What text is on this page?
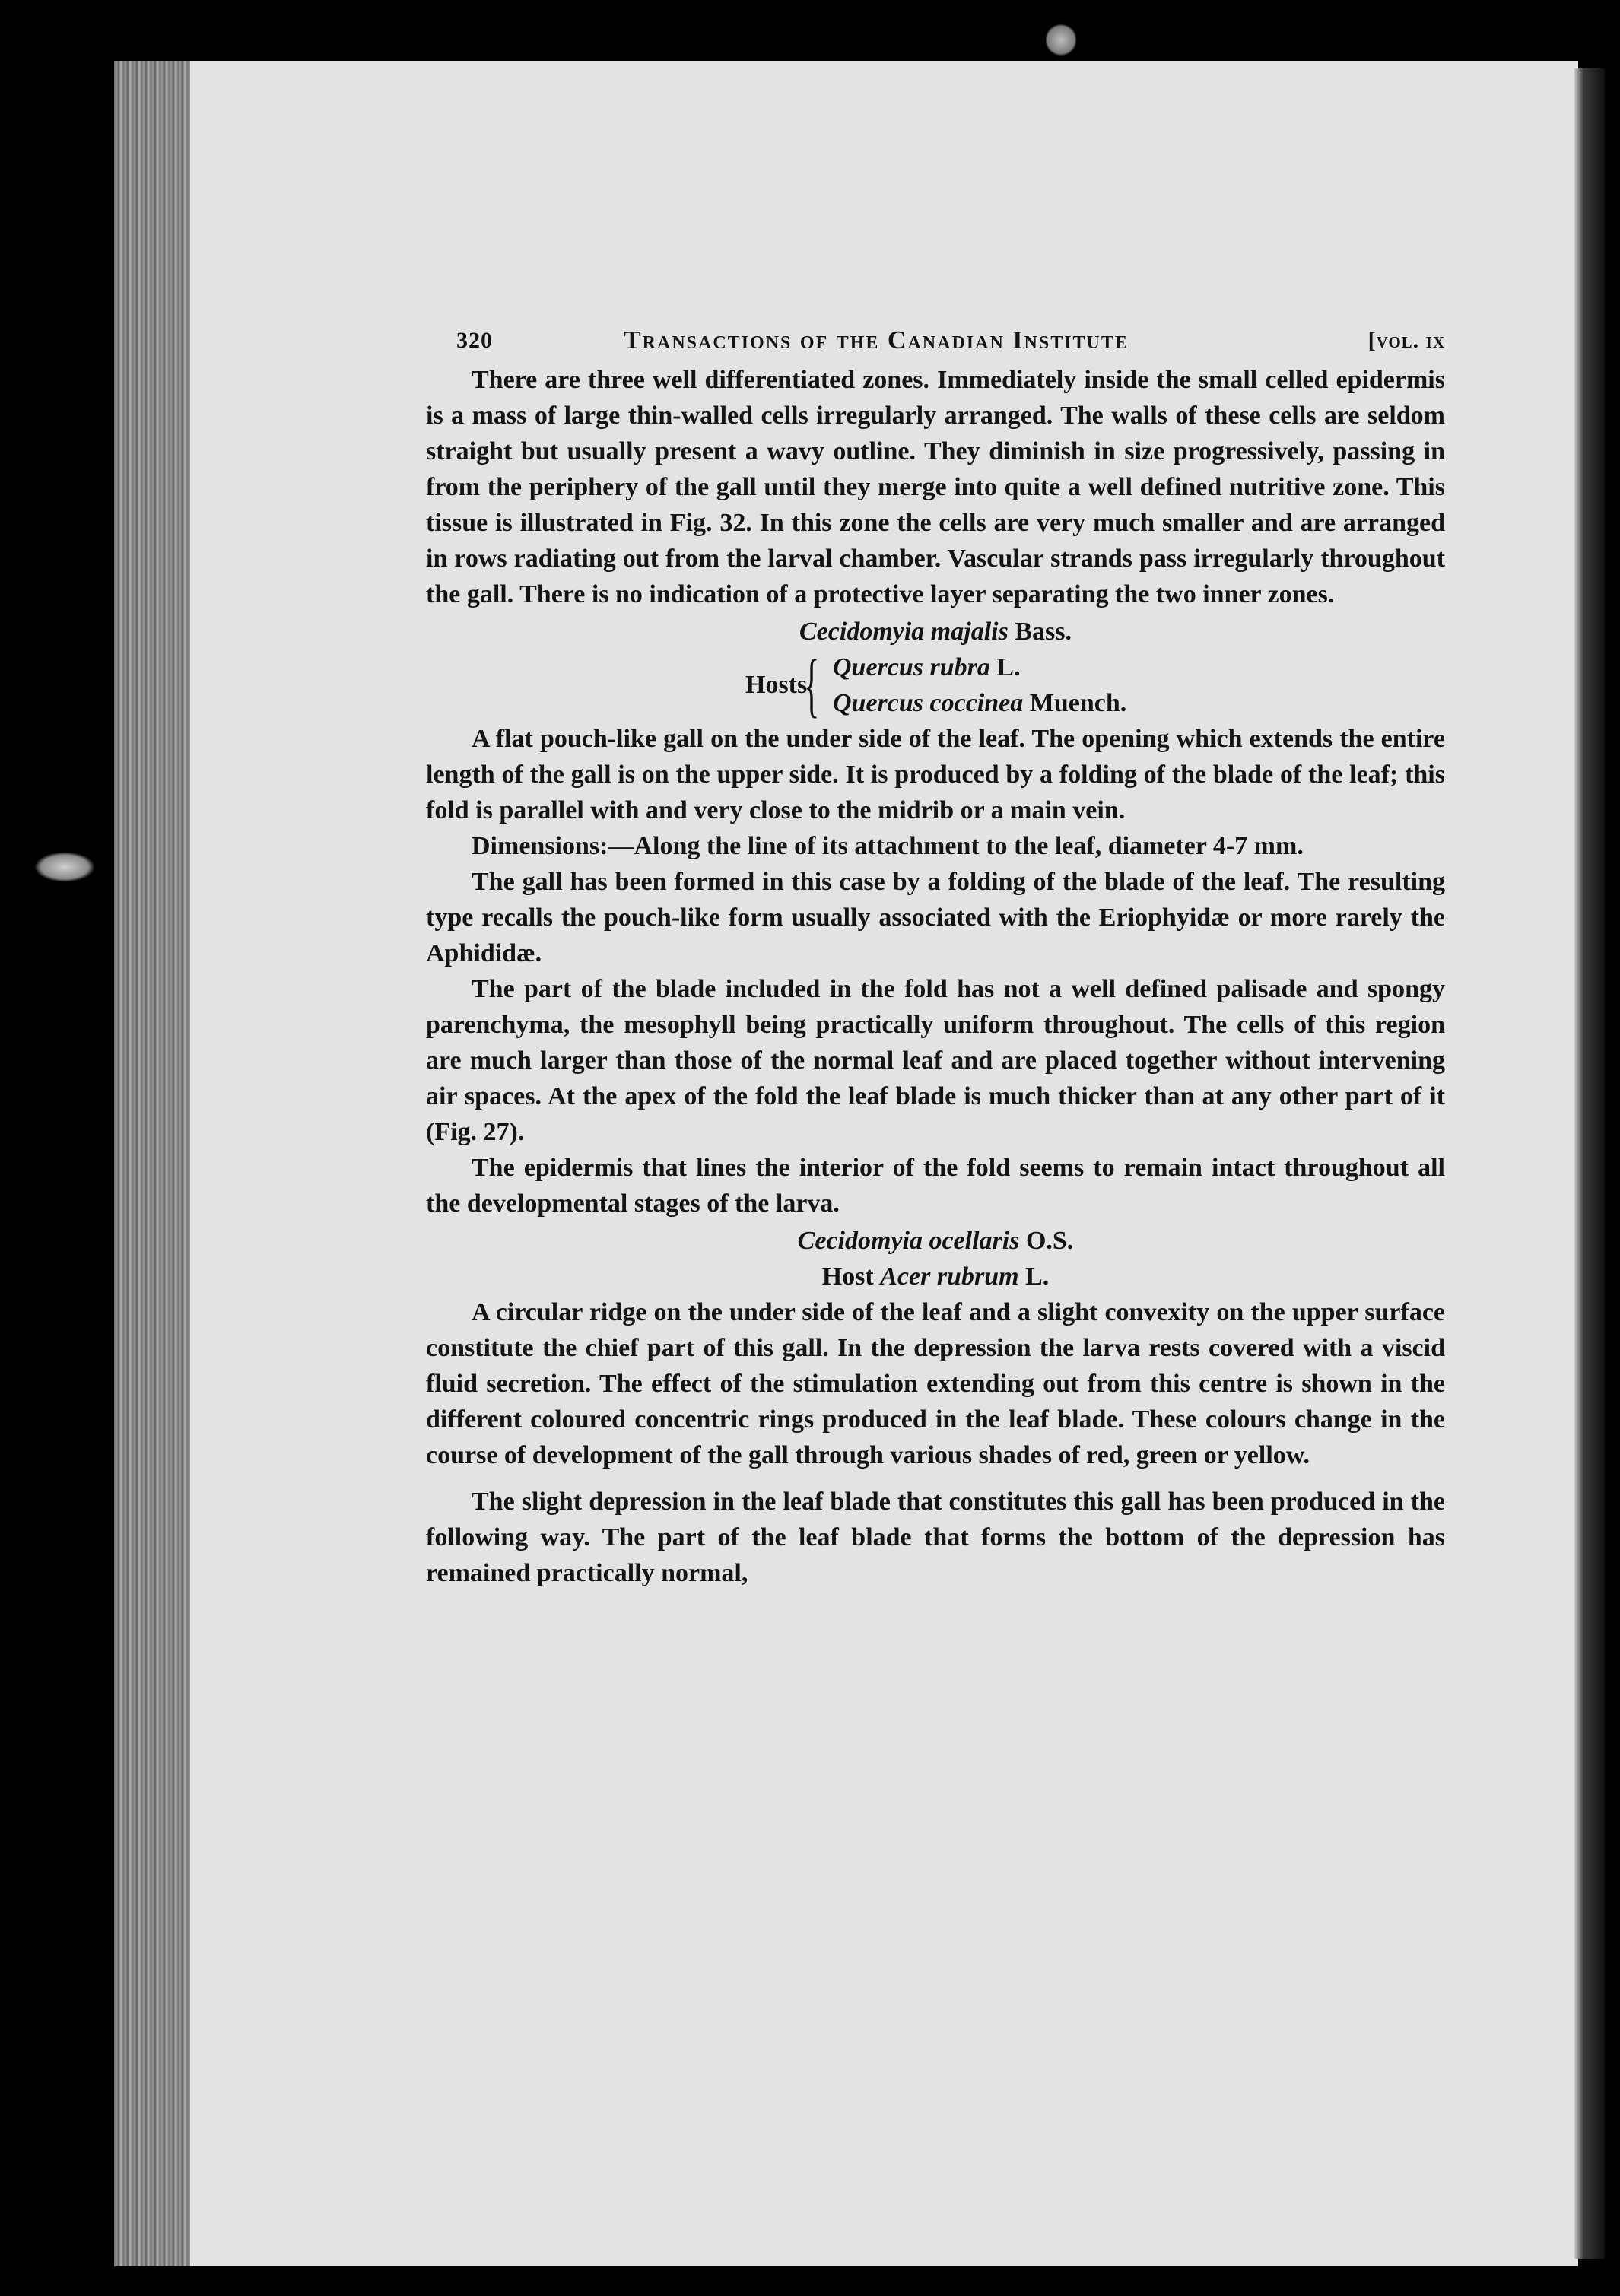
320	Transactions of the Canadian Institute	[vol. ix

There are three well differentiated zones. Immediately inside the small celled epidermis is a mass of large thin-walled cells irregularly arranged. The walls of these cells are seldom straight but usually present a wavy outline. They diminish in size progressively, passing in from the periphery of the gall until they merge into quite a well defined nutritive zone. This tissue is illustrated in Fig. 32. In this zone the cells are very much smaller and are arranged in rows radiating out from the larval chamber. Vascular strands pass irregularly throughout the gall. There is no indication of a protective layer separating the two inner zones.

Cecidomyia majalis Bass.
Hosts
{ Quercus rubra L.
Quercus coccinea Muench.

A flat pouch-like gall on the under side of the leaf. The opening which extends the entire length of the gall is on the upper side. It is produced by a folding of the blade of the leaf; this fold is parallel with and very close to the midrib or a main vein.

Dimensions:—Along the line of its attachment to the leaf, diameter 4-7 mm.

The gall has been formed in this case by a folding of the blade of the leaf. The resulting type recalls the pouch-like form usually associated with the Eriophyidæ or more rarely the Aphididæ.

The part of the blade included in the fold has not a well defined palisade and spongy parenchyma, the mesophyll being practically uniform throughout. The cells of this region are much larger than those of the normal leaf and are placed together without intervening air spaces. At the apex of the fold the leaf blade is much thicker than at any other part of it (Fig. 27).

The epidermis that lines the interior of the fold seems to remain intact throughout all the developmental stages of the larva.

Cecidomyia ocellaris O.S.
Host Acer rubrum L.

A circular ridge on the under side of the leaf and a slight convexity on the upper surface constitute the chief part of this gall. In the depression the larva rests covered with a viscid fluid secretion. The effect of the stimulation extending out from this centre is shown in the different coloured concentric rings produced in the leaf blade. These colours change in the course of development of the gall through various shades of red, green or yellow.

The slight depression in the leaf blade that constitutes this gall has been produced in the following way. The part of the leaf blade that forms the bottom of the depression has remained practically normal,
